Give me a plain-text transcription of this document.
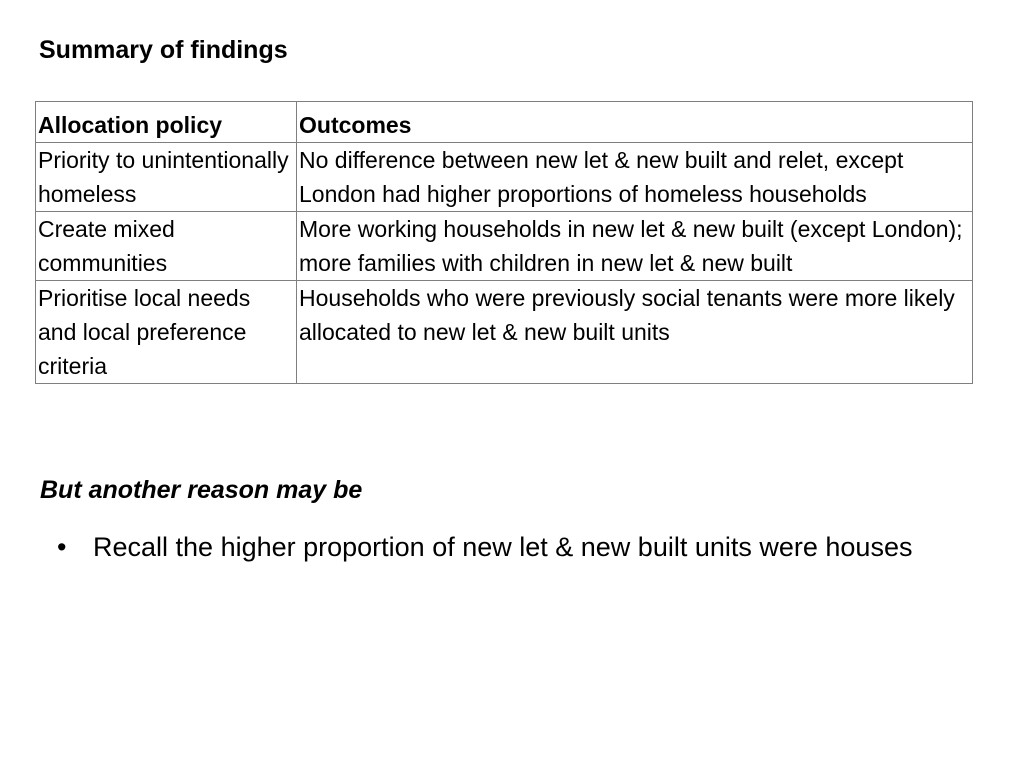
Summary of findings
Allocation policy	Outcomes
Priority to unintentionally homeless	No difference between new let & new built and relet, except London had higher proportions of homeless households
Create mixed communities	More working households in new let & new built (except London); more families with children in new let & new built
Prioritise local needs and local preference criteria	Households who were previously social tenants were more likely allocated to new let & new built units
But another reason may be
• Recall the higher proportion of new let & new built units were houses
